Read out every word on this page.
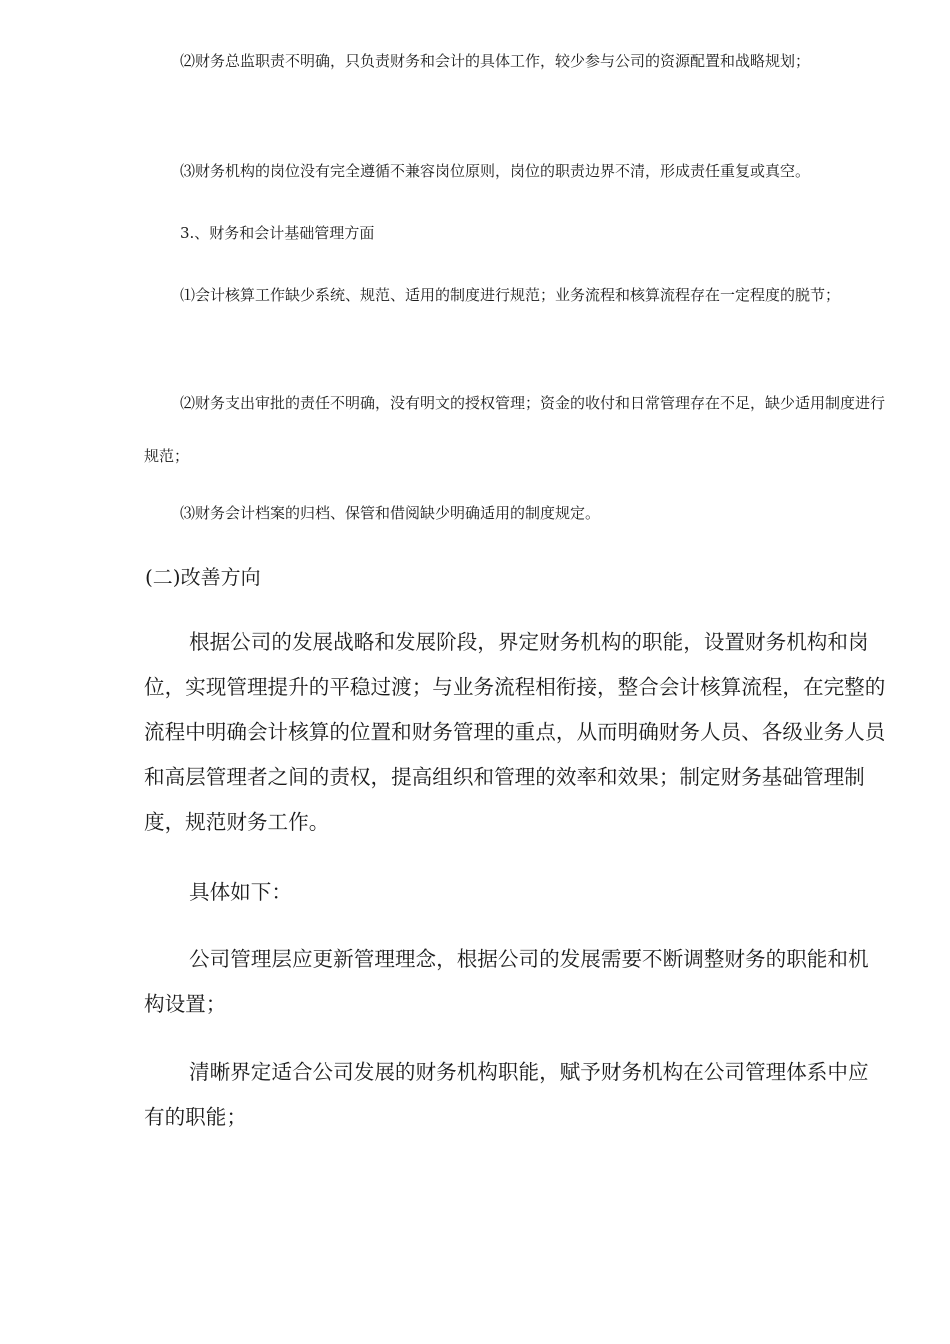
⑵财务总监职责不明确，只负责财务和会计的具体工作，较少参与公司的资源配置和战略规划；

⑶财务机构的岗位没有完全遵循不兼容岗位原则，岗位的职责边界不清，形成责任重复或真空。

3.、财务和会计基础管理方面

⑴会计核算工作缺少系统、规范、适用的制度进行规范；业务流程和核算流程存在一定程度的脱节；

⑵财务支出审批的责任不明确，没有明文的授权管理；资金的收付和日常管理存在不足，缺少适用制度进行规范；

⑶财务会计档案的归档、保管和借阅缺少明确适用的制度规定。

(二)改善方向

根据公司的发展战略和发展阶段，界定财务机构的职能，设置财务机构和岗位，实现管理提升的平稳过渡；与业务流程相衔接，整合会计核算流程，在完整的流程中明确会计核算的位置和财务管理的重点，从而明确财务人员、各级业务人员和高层管理者之间的责权，提高组织和管理的效率和效果；制定财务基础管理制度，规范财务工作。

具体如下：

公司管理层应更新管理理念，根据公司的发展需要不断调整财务的职能和机构设置；

清晰界定适合公司发展的财务机构职能，赋予财务机构在公司管理体系中应有的职能；
